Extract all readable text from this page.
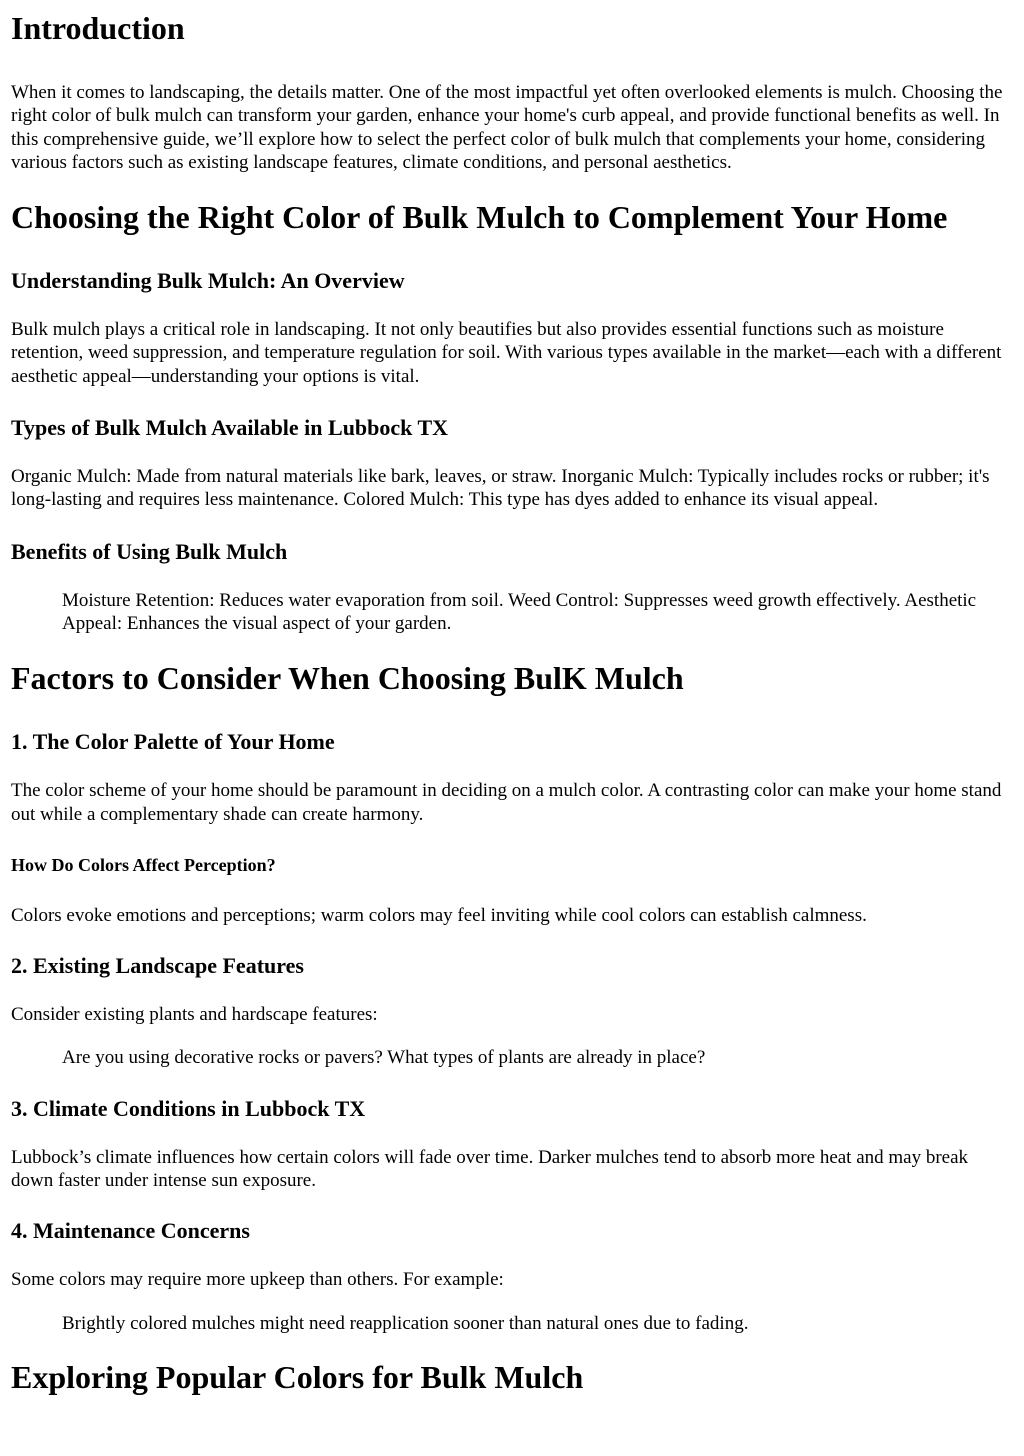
Introduction

When it comes to landscaping, the details matter. One of the most impactful yet often overlooked elements is mulch. Choosing the right color of bulk mulch can transform your garden, enhance your home's curb appeal, and provide functional benefits as well. In this comprehensive guide, we’ll explore how to select the perfect color of bulk mulch that complements your home, considering various factors such as existing landscape features, climate conditions, and personal aesthetics.

Choosing the Right Color of Bulk Mulch to Complement Your Home
Understanding Bulk Mulch: An Overview

Bulk mulch plays a critical role in landscaping. It not only beautifies but also provides essential functions such as moisture retention, weed suppression, and temperature regulation for soil. With various types available in the market—each with a different aesthetic appeal—understanding your options is vital.

Types of Bulk Mulch Available in Lubbock TX

Organic Mulch: Made from natural materials like bark, leaves, or straw. Inorganic Mulch: Typically includes rocks or rubber; it's long-lasting and requires less maintenance. Colored Mulch: This type has dyes added to enhance its visual appeal.

Benefits of Using Bulk Mulch
Moisture Retention: Reduces water evaporation from soil. Weed Control: Suppresses weed growth effectively. Aesthetic Appeal: Enhances the visual aspect of your garden.
Factors to Consider When Choosing BulK Mulch
1. The Color Palette of Your Home

The color scheme of your home should be paramount in deciding on a mulch color. A contrasting color can make your home stand out while a complementary shade can create harmony.

How Do Colors Affect Perception?

Colors evoke emotions and perceptions; warm colors may feel inviting while cool colors can establish calmness.

2. Existing Landscape Features

Consider existing plants and hardscape features:

Are you using decorative rocks or pavers? What types of plants are already in place?
3. Climate Conditions in Lubbock TX

Lubbock’s climate influences how certain colors will fade over time. Darker mulches tend to absorb more heat and may break down faster under intense sun exposure.

4. Maintenance Concerns

Some colors may require more upkeep than others. For example:

Brightly colored mulches might need reapplication sooner than natural ones due to fading.
Exploring Popular Colors for Bulk Mulch
